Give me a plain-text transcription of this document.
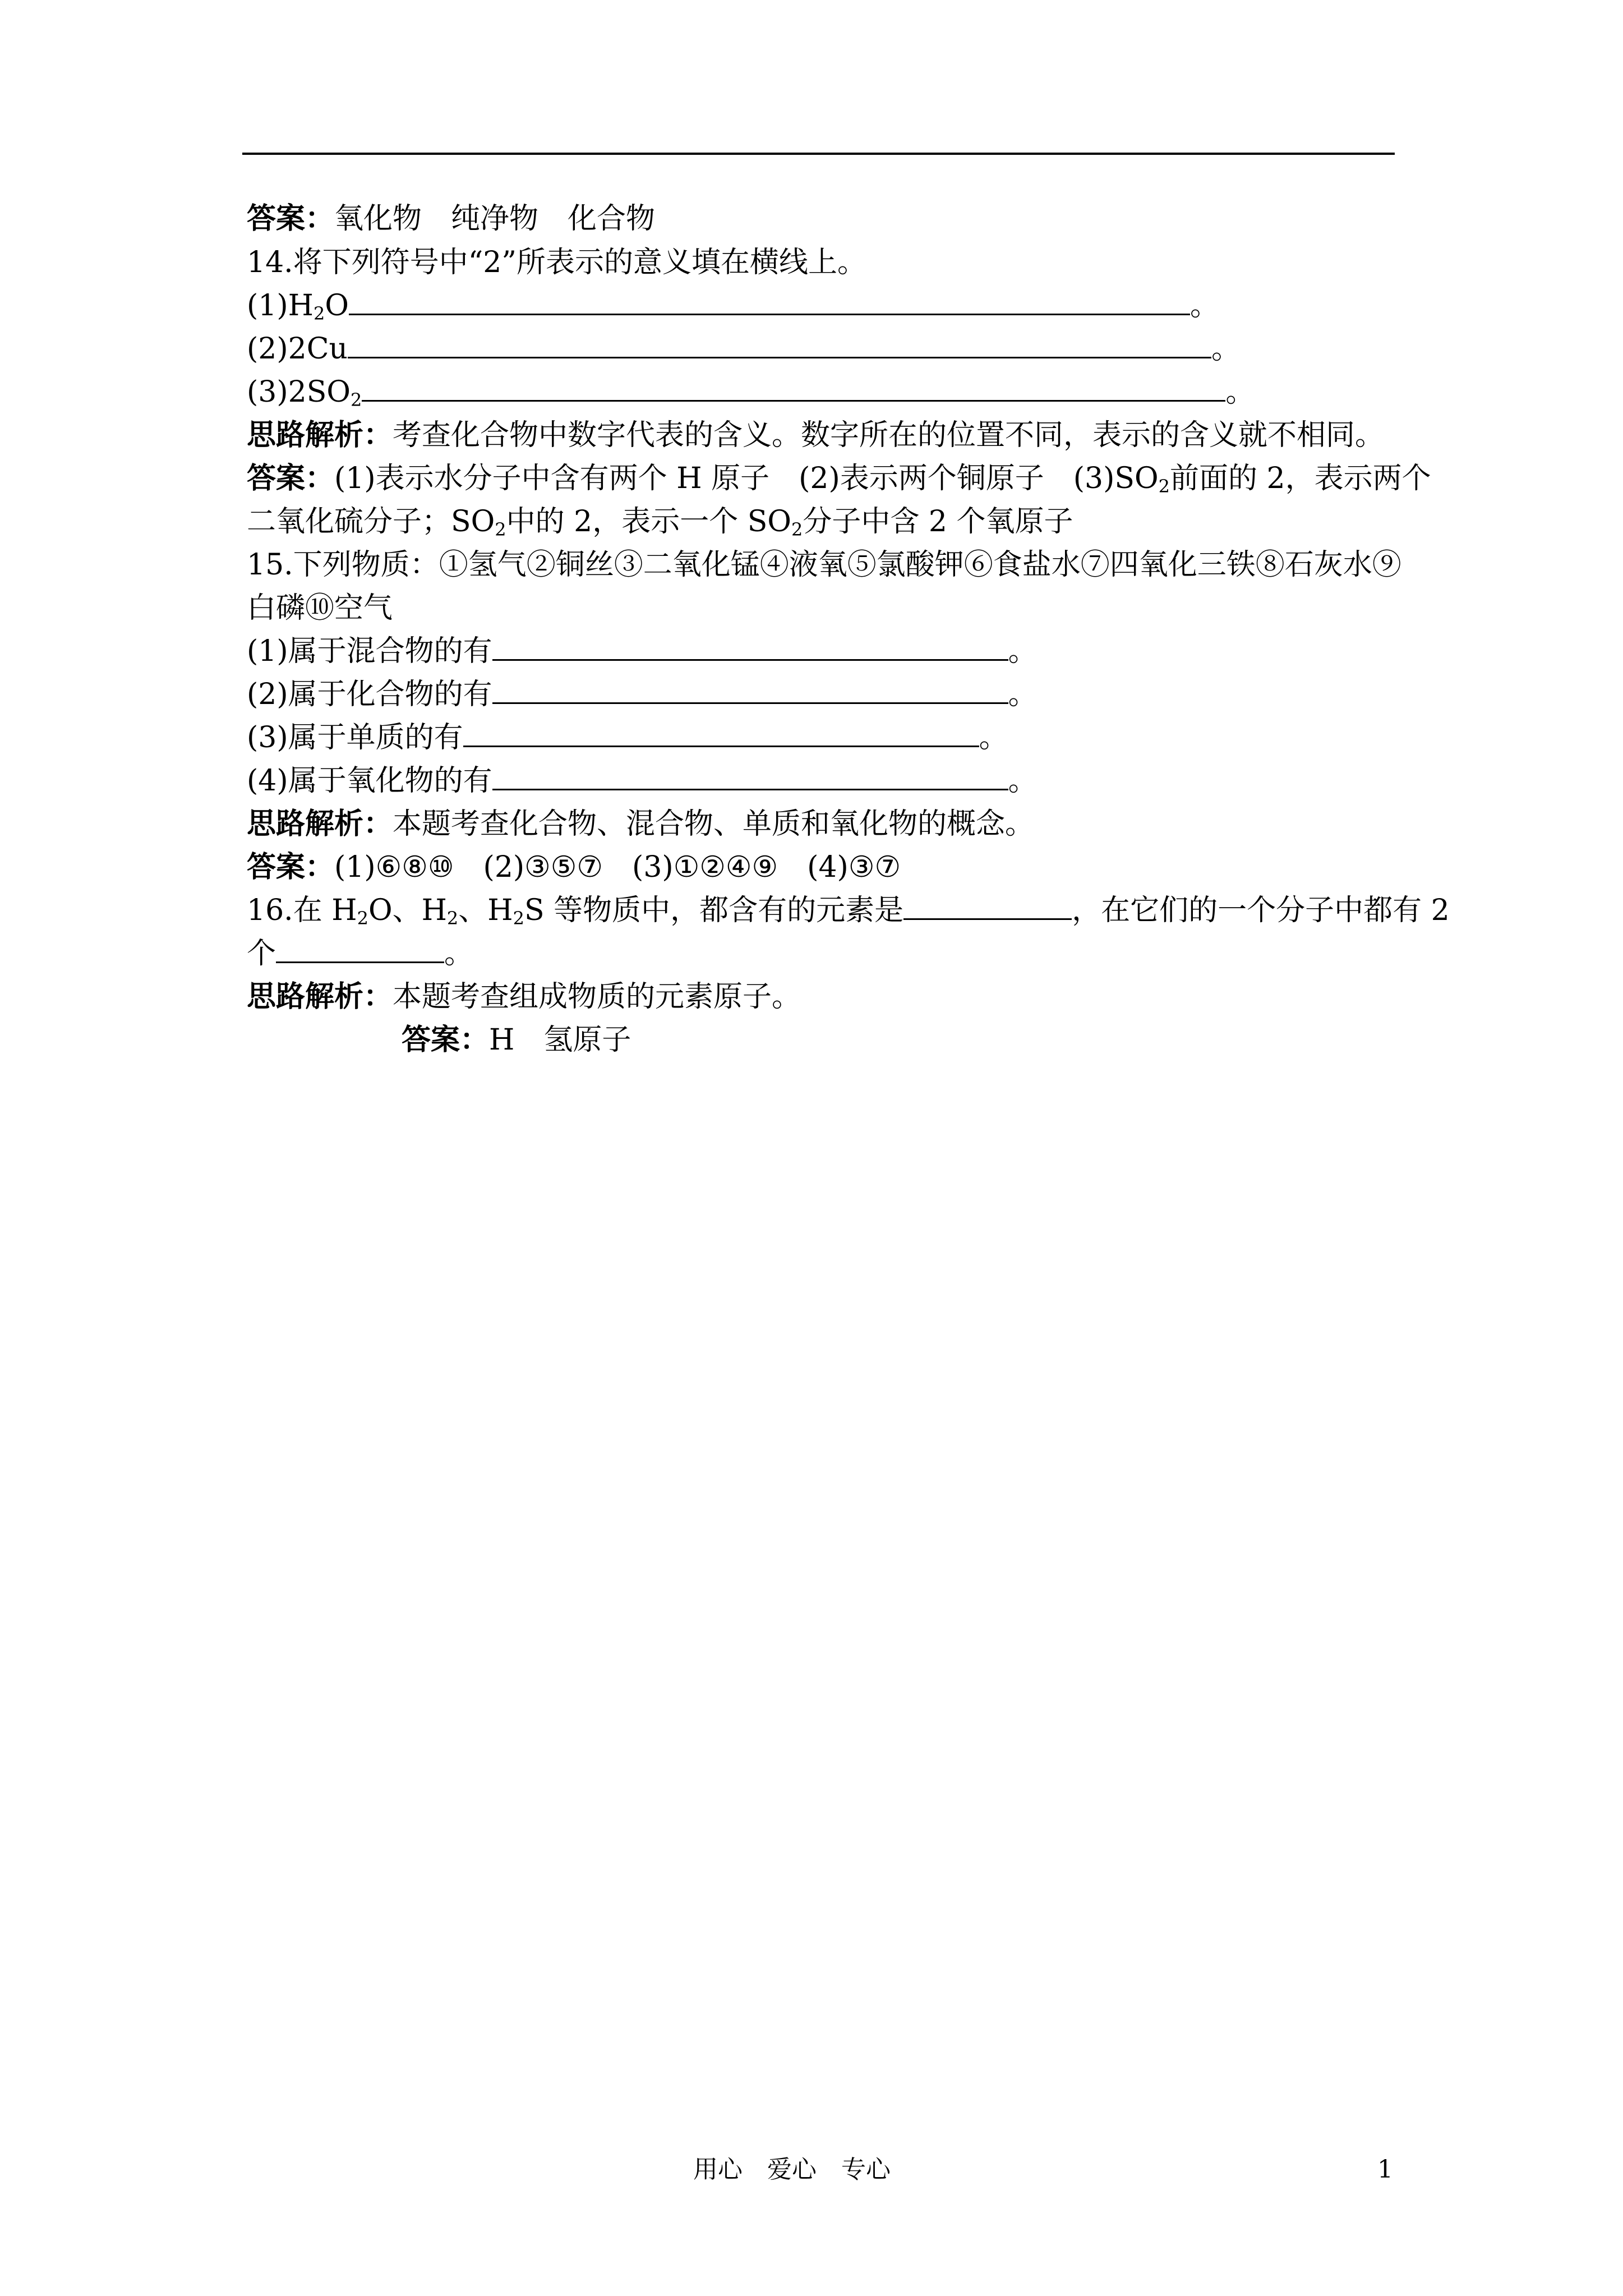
答案：氧化物　纯净物　化合物
14.将下列符号中“2”所表示的意义填在横线上。
$(1)H_2O$	。
(2)2Cu	。
$(3)2SO_2$	。
思路解析：考查化合物中数字代表的含义。数字所在的位置不同，表示的含义就不相同。
答案：(1)表示水分子中含有两个 H 原子　(2)表示两个铜原子　$(3)SO_2$前面的 2，表示两个
二氧化硫分子；$SO_2$中的 2，表示一个 $SO_2$分子中含 2 个氧原子
15.下列物质：①氢气②铜丝③二氧化锰④液氧⑤氯酸钾⑥食盐水⑦四氧化三铁⑧石灰水⑨
白磷⑩空气
(1)属于混合物的有	。
(2)属于化合物的有	。
(3)属于单质的有	。
(4)属于氧化物的有	。
思路解析：本题考查化合物、混合物、单质和氧化物的概念。
答案：(1)⑥⑧⑩　(2)③⑤⑦　(3)①②④⑨　(4)③⑦
16.在 $H_2O$、$H_2$、$H_2S$ 等物质中，都含有的元素是	，在它们的一个分子中都有 2
个	。
思路解析：本题考查组成物质的元素原子。
答案：H　氢原子
用心　爱心　专心	1
